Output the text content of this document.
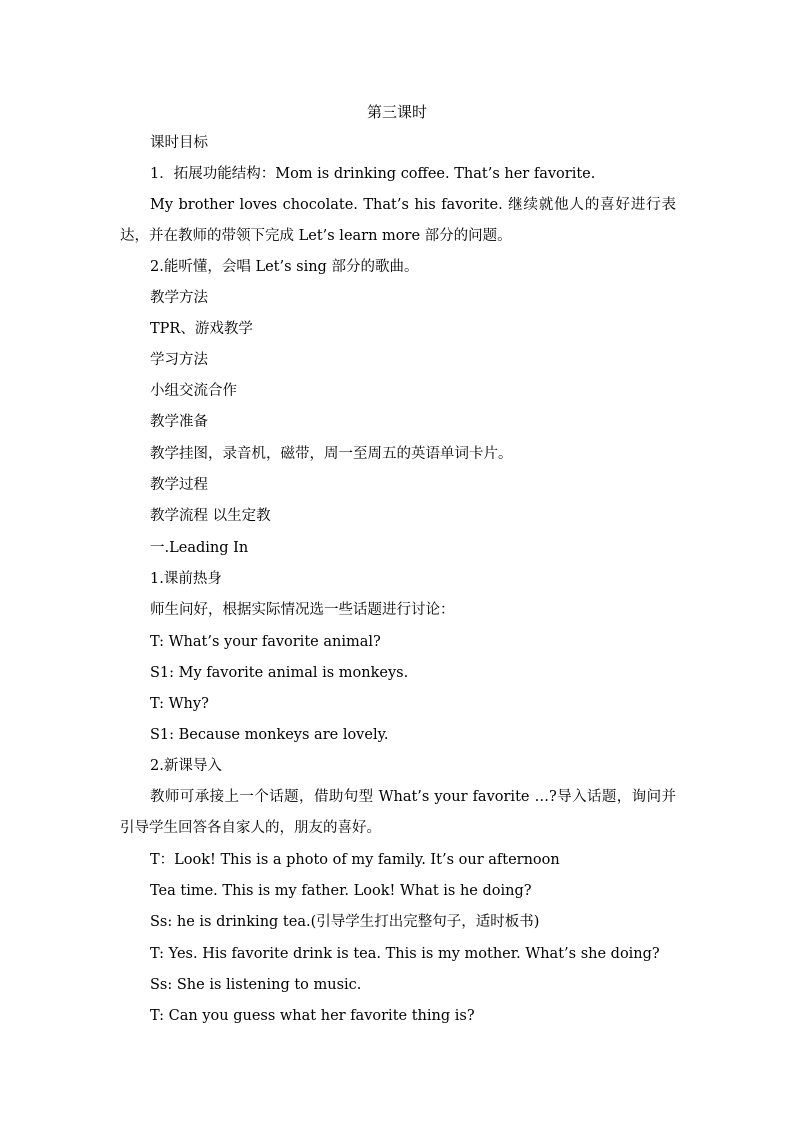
第三课时
课时目标
1．拓展功能结构：Mom is drinking coffee. That’s her favorite.
My brother loves chocolate. That’s his favorite. 继续就他人的喜好进行表达，并在教师的带领下完成 Let’s learn more 部分的问题。
2.能听懂，会唱 Let’s sing 部分的歌曲。
教学方法
TPR、游戏教学
学习方法
小组交流合作
教学准备
教学挂图，录音机，磁带，周一至周五的英语单词卡片。
教学过程
教学流程 以生定教
一.Leading In
1.课前热身
师生问好，根据实际情况选一些话题进行讨论：
T: What’s your favorite animal?
S1: My favorite animal is monkeys.
T: Why?
S1: Because monkeys are lovely.
2.新课导入
教师可承接上一个话题，借助句型 What’s your favorite …?导入话题，询问并引导学生回答各自家人的，朋友的喜好。
T：Look! This is a photo of my family. It’s our afternoon
Tea time. This is my father. Look! What is he doing?
Ss: he is drinking tea.(引导学生打出完整句子，适时板书)
T: Yes. His favorite drink is tea. This is my mother. What’s she doing?
Ss: She is listening to music.
T: Can you guess what her favorite thing is?
